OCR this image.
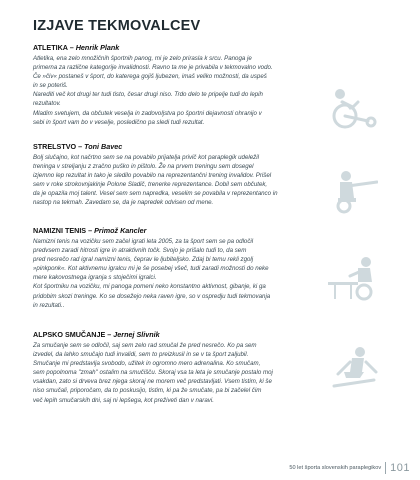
IZJAVE TEKMOVALCEV
ATLETIKA – Henrik Plank

Atletika, ena zelo množičnih športnih panog, mi je zelo prirasla k srcu. Panoga je
primerna za različne kategorije invalidnosti. Ravno ta me je privabila v tekmovalno vodo.
Če »čiv« postaneš v šport, do katerega gojiš ljubezen, imaš veliko možnosti, da uspeš
in se poteriš.
Narediti več kot drugi ter tudi tisto, česar drugi niso. Trdo delo te pripelje tudi do lepih
rezultatov.
Mladim svetujem, da občutek veselja in zadovoljstva po športni dejavnosti ohranijo v
sebi in šport vam bo v veselje, posledično pa sledi tudi rezultat.

STRELSTVO – Toni Bavec

Bolj slučajno, kot načrtno sem se na povabilo prijatelja privič kot paraplegik udeležil
treninga v streljanju z zračno puško in pištolo. Že na prvem treningu sem dosegel
izjemno lep rezultat in tako je sledilo povabilo na reprezentančni trening invalidov. Prišel
sem v roke strokovnjakinje Polone Sladič, trenerke reprezentance. Dobil sem občutek,
da je opazila moj talent. Vesel sem sem napredka, veselim se povabila v reprezentanco in
nastop na tekmah. Zavedam se, da je napredek odvisen od mene.

NAMIZNI TENIS – Primož Kancler

Namizni tenis na vozičku sem začel igrati leta 2005, za ta šport sem se pa odločil
predvsem zaradi hitrosti igre in atraktivnih točk. Svojo je prišalo tudi to, da sem
pred nesrečo rad igral namizni tenis, čeprav le ljubiteljsko. Zdaj bi temu rekli zgolj
»pinkponk«. Kot aktivnemu igralcu mi je še posebej všeč, tudi zaradi možnosti do neke
mere kakovostnega igranja s stoječimi igralci.
Kot športniku na vozičku, mi panoga pomeni neko konstantno aktivnost, gibanje, ki ga
pridobim skozi treninge. Ko se dosežejo neka raven igre, so v ospredju tudi tekmovanja
in rezultati..

ALPSKO SMUČANJE – Jernej Slivnik

Za smučanje sem se odločil, saj sem zelo rad smučal že pred nesrečo. Ko pa sem
izvedel, da lahko smučajo tudi invalidi, sem to preizkusil in se v ta šport zaljubil.
Smučanje mi predstavlja svobodo, užitek in ogromno mero adrenalina. Ko smučam,
sem popolnoma "zmah" ostalim na smučišču. Skoraj vsa ta leta je smučanje postalo moj
vsakdan, zato si drveva brez njega skoraj ne morem več predstavljati. Vsem tistim, ki še
niso smučali, priporočam, da to poskusijo, tistim, ki pa že smučate, pa bi začelel čim
več lepih smučarskih dni, saj ni lepšega, kot preživeti dan v naravi.

50 let športa slovenskih paraplegikov 101
